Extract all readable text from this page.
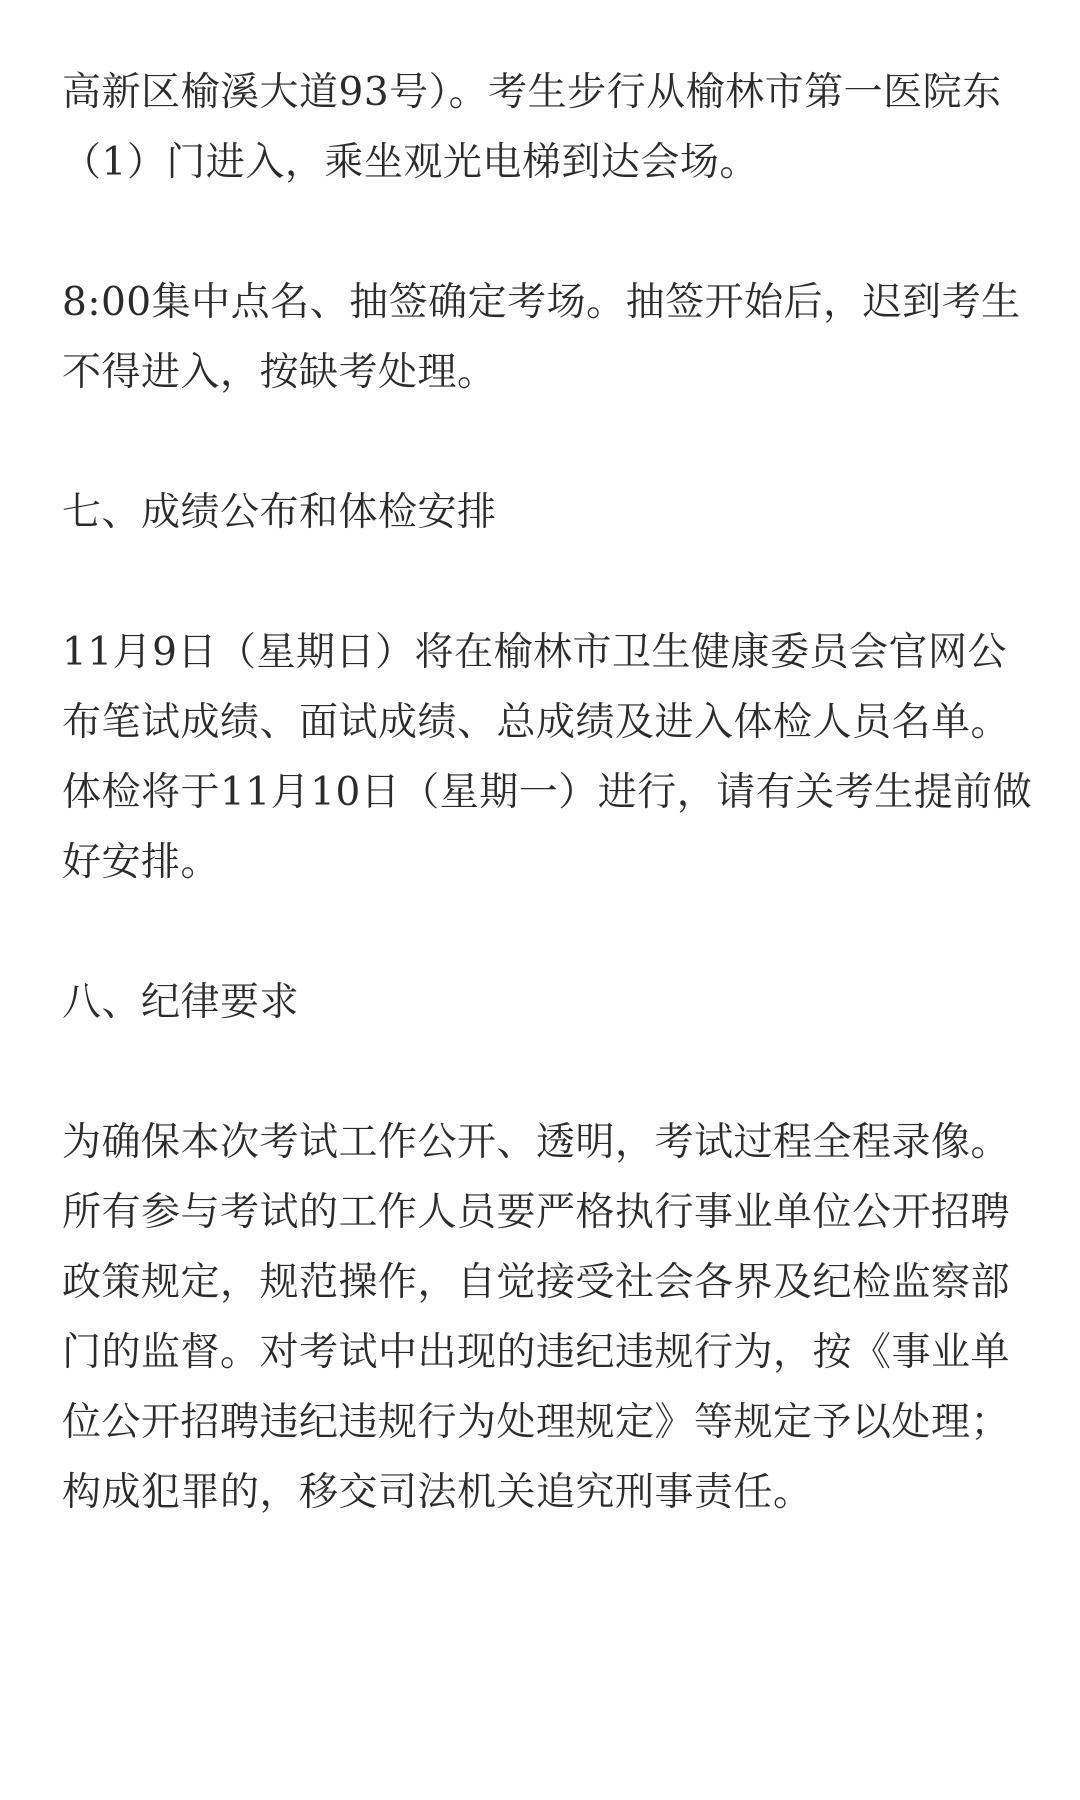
高新区榆溪大道93号）。考生步行从榆林市第一医院东（1）门进入，乘坐观光电梯到达会场。

8:00集中点名、抽签确定考场。抽签开始后，迟到考生不得进入，按缺考处理。

七、成绩公布和体检安排

11月9日（星期日）将在榆林市卫生健康委员会官网公布笔试成绩、面试成绩、总成绩及进入体检人员名单。体检将于11月10日（星期一）进行，请有关考生提前做好安排。

八、纪律要求

为确保本次考试工作公开、透明，考试过程全程录像。所有参与考试的工作人员要严格执行事业单位公开招聘政策规定，规范操作，自觉接受社会各界及纪检监察部门的监督。对考试中出现的违纪违规行为，按《事业单位公开招聘违纪违规行为处理规定》等规定予以处理；构成犯罪的，移交司法机关追究刑事责任。
